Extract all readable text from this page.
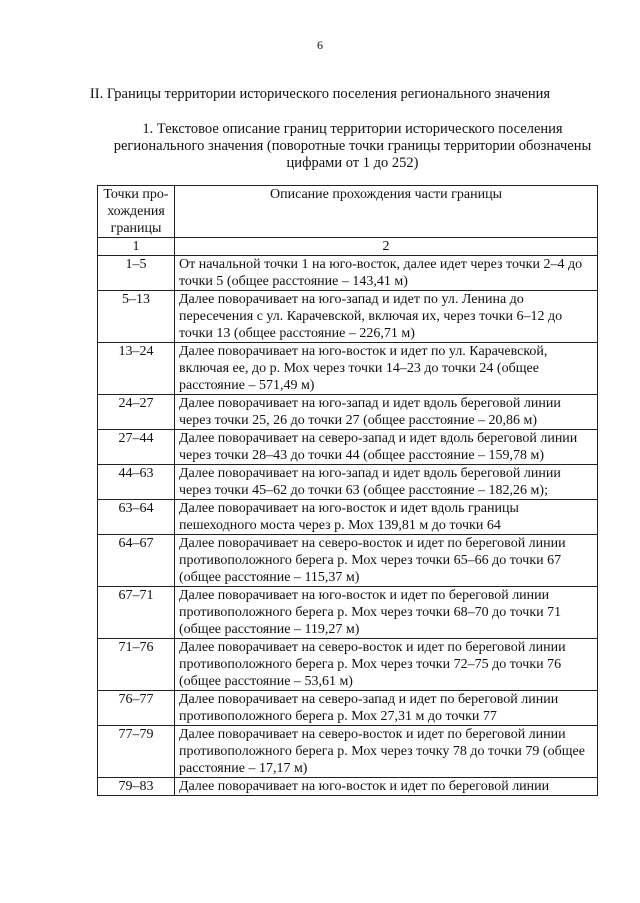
6
II. Границы территории исторического поселения регионального значения
1. Текстовое описание границ территории исторического поселения регионального значения (поворотные точки границы территории обозначены цифрами от 1 до 252)
Точки про-хождения границы	Описание прохождения части границы
1	2
1–5	От начальной точки 1 на юго-восток, далее идет через точки 2–4 до точки 5 (общее расстояние – 143,41 м)
5–13	Далее поворачивает на юго-запад и идет по ул. Ленина до пересечения с ул. Карачевской, включая их, через точки 6–12 до точки 13 (общее расстояние – 226,71 м)
13–24	Далее поворачивает на юго-восток и идет по ул. Карачевской, включая ее, до р. Мох через точки 14–23 до точки 24 (общее расстояние – 571,49 м)
24–27	Далее поворачивает на юго-запад и идет вдоль береговой линии через точки 25, 26 до точки 27 (общее расстояние – 20,86 м)
27–44	Далее поворачивает на северо-запад и идет вдоль береговой линии через точки 28–43 до точки 44 (общее расстояние – 159,78 м)
44–63	Далее поворачивает на юго-запад и идет вдоль береговой линии через точки 45–62 до точки 63 (общее расстояние – 182,26 м);
63–64	Далее поворачивает на юго-восток и идет вдоль границы пешеходного моста через р. Мох 139,81 м до точки 64
64–67	Далее поворачивает на северо-восток и идет по береговой линии противоположного берега р. Мох через точки 65–66 до точки 67 (общее расстояние – 115,37 м)
67–71	Далее поворачивает на юго-восток и идет по береговой линии противоположного берега р. Мох через точки 68–70 до точки 71 (общее расстояние – 119,27 м)
71–76	Далее поворачивает на северо-восток и идет по береговой линии противоположного берега р. Мох через точки 72–75 до точки 76 (общее расстояние – 53,61 м)
76–77	Далее поворачивает на северо-запад и идет по береговой линии противоположного берега р. Мох 27,31 м до точки 77
77–79	Далее поворачивает на северо-восток и идет по береговой линии противоположного берега р. Мох через точку 78 до точки 79 (общее расстояние – 17,17 м)
79–83	Далее поворачивает на юго-восток и идет по береговой линии
